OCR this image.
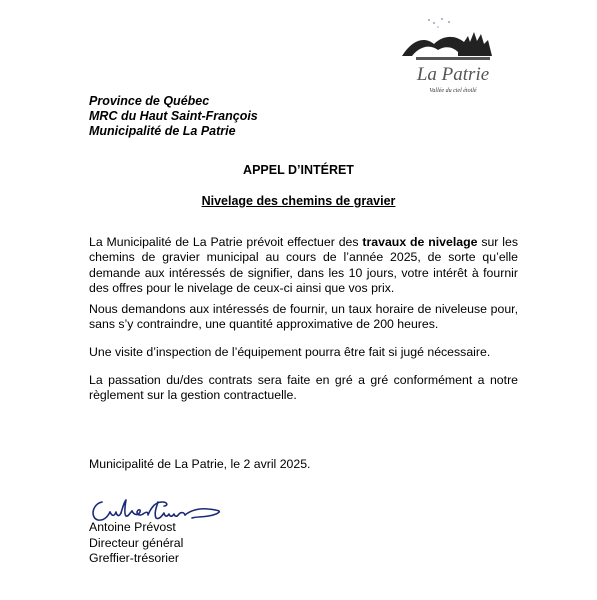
La Patrie
Vallée du ciel étoilé
Province de Québec
MRC du Haut Saint-François
Municipalité de La Patrie
APPEL D’INTÉRET
Nivelage des chemins de gravier
La Municipalité de La Patrie prévoit effectuer des travaux de nivelage sur les chemins de gravier municipal au cours de l’année 2025, de sorte qu’elle demande aux intéressés de signifier, dans les 10 jours, votre intérêt à fournir des offres pour le nivelage de ceux-ci ainsi que vos prix.
Nous demandons aux intéressés de fournir, un taux horaire de niveleuse pour, sans s’y contraindre, une quantité approximative de 200 heures.
Une visite d’inspection de l’équipement pourra être fait si jugé nécessaire.
La passation du/des contrats sera faite en gré a gré conformément a notre règlement sur la gestion contractuelle.
Municipalité de La Patrie, le 2 avril 2025.
Antoine Prévost
Directeur général
Greffier-trésorier
